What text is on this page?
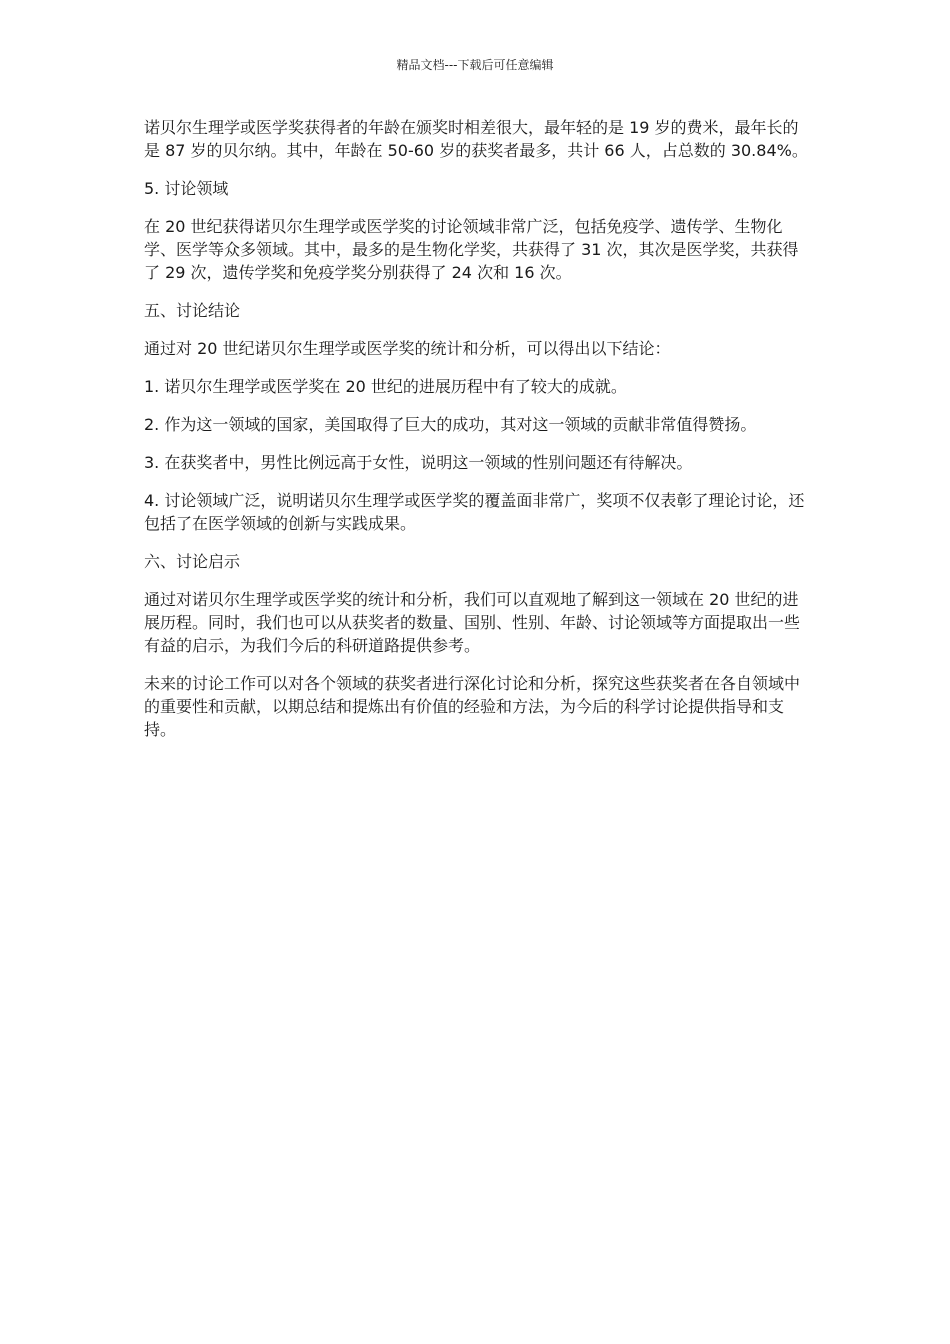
精品文档---下载后可任意编辑

诺贝尔生理学或医学奖获得者的年龄在颁奖时相差很大，最年轻的是 19 岁的费米，最年长的是 87 岁的贝尔纳。其中，年龄在 50-60 岁的获奖者最多，共计 66 人，占总数的 30.84%。

5. 讨论领域

在 20 世纪获得诺贝尔生理学或医学奖的讨论领域非常广泛，包括免疫学、遗传学、生物化学、医学等众多领域。其中，最多的是生物化学奖，共获得了 31 次，其次是医学奖，共获得了 29 次，遗传学奖和免疫学奖分别获得了 24 次和 16 次。

五、讨论结论

通过对 20 世纪诺贝尔生理学或医学奖的统计和分析，可以得出以下结论：

1. 诺贝尔生理学或医学奖在 20 世纪的进展历程中有了较大的成就。

2. 作为这一领域的国家，美国取得了巨大的成功，其对这一领域的贡献非常值得赞扬。

3. 在获奖者中，男性比例远高于女性，说明这一领域的性别问题还有待解决。

4. 讨论领域广泛，说明诺贝尔生理学或医学奖的覆盖面非常广，奖项不仅表彰了理论讨论，还包括了在医学领域的创新与实践成果。

六、讨论启示

通过对诺贝尔生理学或医学奖的统计和分析，我们可以直观地了解到这一领域在 20 世纪的进展历程。同时，我们也可以从获奖者的数量、国别、性别、年龄、讨论领域等方面提取出一些有益的启示，为我们今后的科研道路提供参考。

未来的讨论工作可以对各个领域的获奖者进行深化讨论和分析，探究这些获奖者在各自领域中的重要性和贡献，以期总结和提炼出有价值的经验和方法，为今后的科学讨论提供指导和支持。
